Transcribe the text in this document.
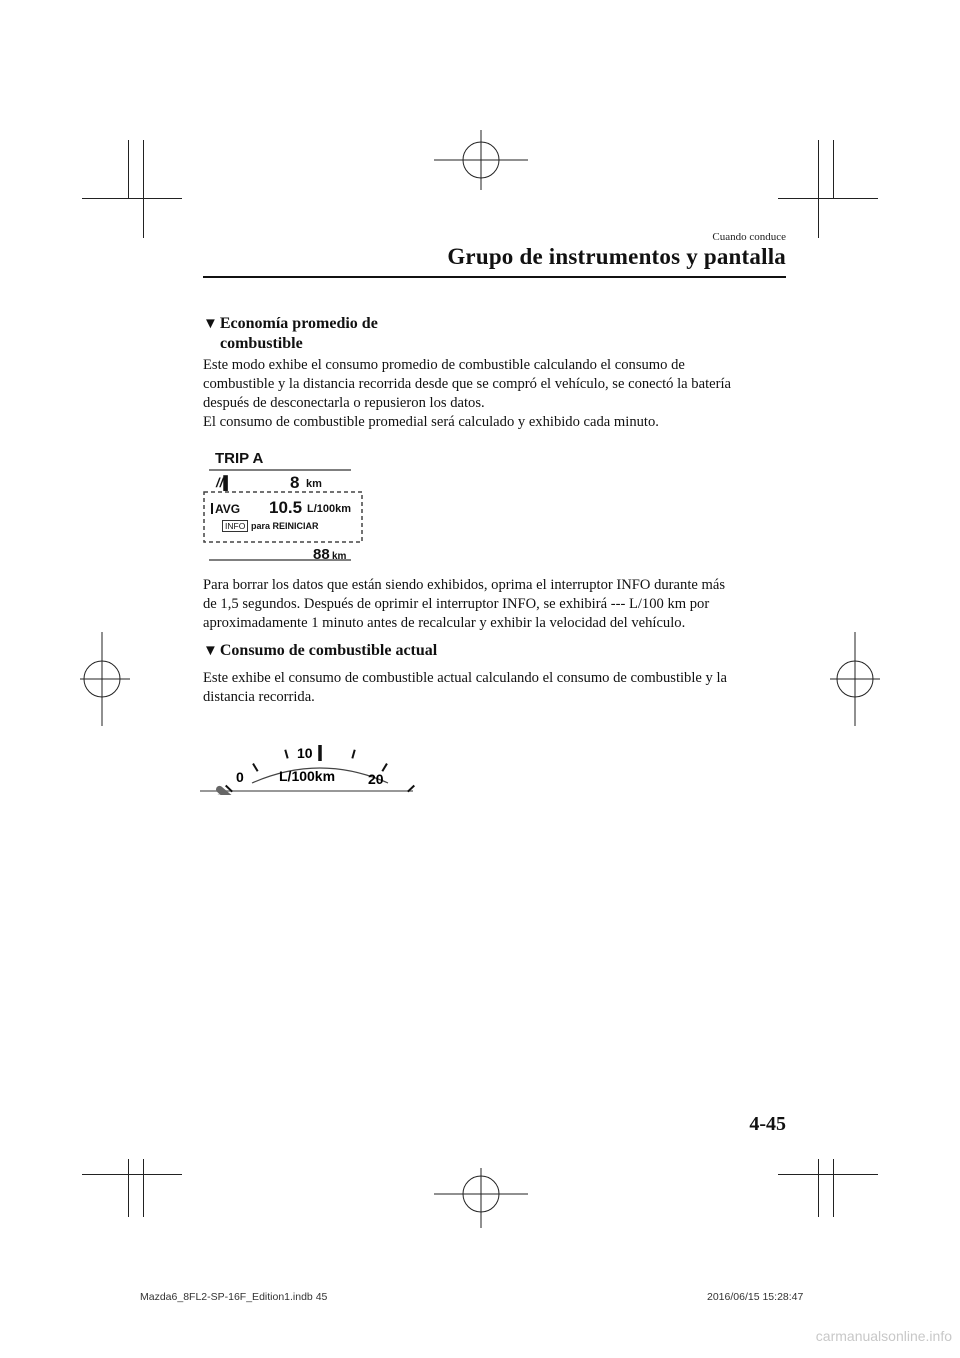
Cuando conduce
Grupo de instrumentos y pantalla
▼ Economía promedio de
combustible
Este modo exhibe el consumo promedio de combustible calculando el consumo de
combustible y la distancia recorrida desde que se compró el vehículo, se conectó la batería
después de desconectarla o repusieron los datos.
El consumo de combustible promedial será calculado y exhibido cada minuto.
TRIP A
//▌	8 km
AVG 10.5 L/100km
INFO para REINICIAR
88 km
Para borrar los datos que están siendo exhibidos, oprima el interruptor INFO durante más
de 1,5 segundos. Después de oprimir el interruptor INFO, se exhibirá --- L/100 km por
aproximadamente 1 minuto antes de recalcular y exhibir la velocidad del vehículo.
▼ Consumo de combustible actual
Este exhibe el consumo de combustible actual calculando el consumo de combustible y la
distancia recorrida.
0
10
20
L/100km
4-45
Mazda6_8FL2-SP-16F_Edition1.indb 45	2016/06/15 15:28:47
carmanualsonline.info
